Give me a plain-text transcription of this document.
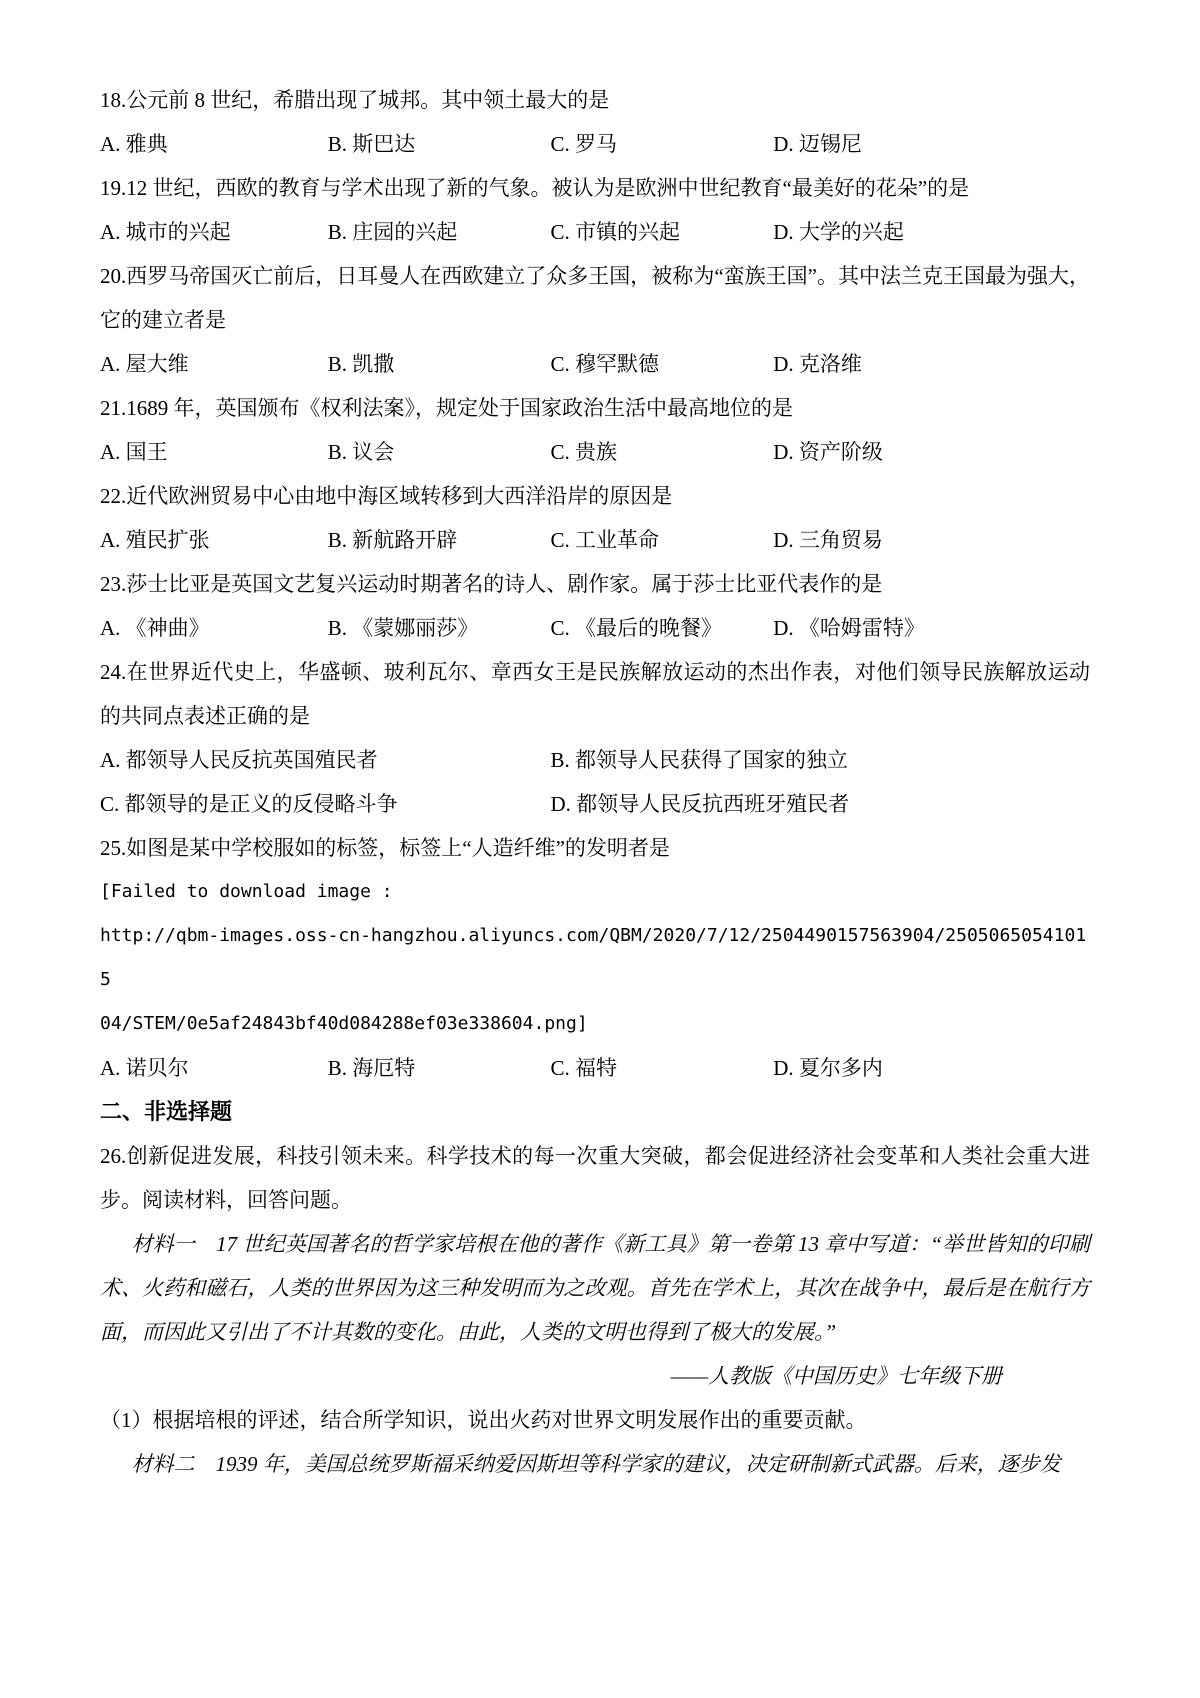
18.公元前 8 世纪，希腊出现了城邦。其中领土最大的是

A. 雅典	B. 斯巴达	C. 罗马	D. 迈锡尼

19.12 世纪，西欧的教育与学术出现了新的气象。被认为是欧洲中世纪教育“最美好的花朵”的是

A. 城市的兴起	B. 庄园的兴起	C. 市镇的兴起	D. 大学的兴起

20.西罗马帝国灭亡前后，日耳曼人在西欧建立了众多王国，被称为“蛮族王国”。其中法兰克王国最为强大，它的建立者是

A. 屋大维	B. 凯撒	C. 穆罕默德	D. 克洛维

21.1689 年，英国颁布《权利法案》，规定处于国家政治生活中最高地位的是

A. 国王	B. 议会	C. 贵族	D. 资产阶级

22.近代欧洲贸易中心由地中海区域转移到大西洋沿岸的原因是

A. 殖民扩张	B. 新航路开辟	C. 工业革命	D. 三角贸易

23.莎士比亚是英国文艺复兴运动时期著名的诗人、剧作家。属于莎士比亚代表作的是

A. 《神曲》	B. 《蒙娜丽莎》	C. 《最后的晚餐》	D. 《哈姆雷特》

24.在世界近代史上，华盛顿、玻利瓦尔、章西女王是民族解放运动的杰出作表，对他们领导民族解放运动的共同点表述正确的是

A. 都领导人民反抗英国殖民者	B. 都领导人民获得了国家的独立
C. 都领导的是正义的反侵略斗争	D. 都领导人民反抗西班牙殖民者

25.如图是某中学校服如的标签，标签上“人造纤维”的发明者是

[Failed to download image :
http://qbm-images.oss-cn-hangzhou.aliyuncs.com/QBM/2020/7/12/2504490157563904/25050650541015
04/STEM/0e5af24843bf40d084288ef03e338604.png]
A. 诺贝尔	B. 海厄特	C. 福特	D. 夏尔多内
二、非选择题

26.创新促进发展，科技引领未来。科学技术的每一次重大突破，都会促进经济社会变革和人类社会重大进步。阅读材料，回答问题。

材料一　17 世纪英国著名的哲学家培根在他的著作《新工具》第一卷第 13 章中写道：“举世皆知的印刷术、火药和磁石，人类的世界因为这三种发明而为之改观。首先在学术上，其次在战争中，最后是在航行方面，而因此又引出了不计其数的变化。由此，人类的文明也得到了极大的发展。”

——人教版《中国历史》七年级下册

（1）根据培根的评述，结合所学知识，说出火药对世界文明发展作出的重要贡献。

材料二　1939 年，美国总统罗斯福采纳爱因斯坦等科学家的建议，决定研制新式武器。后来，逐步发
